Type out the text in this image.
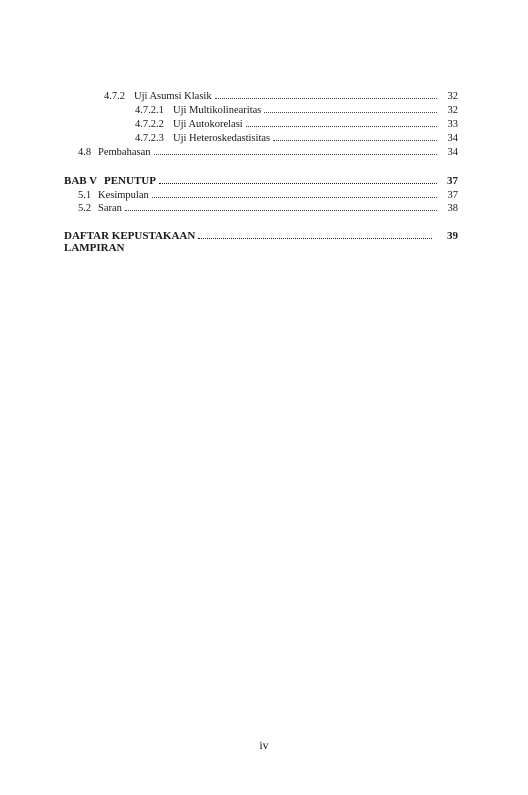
4.7.2 Uji Asumsi Klasik	32
4.7.2.1 Uji Multikolinearitas	32
4.7.2.2 Uji Autokorelasi	33
4.7.2.3 Uji Heteroskedastisitas	34
4.8 Pembahasan	34
BAB V PENUTUP	37
5.1 Kesimpulan	37
5.2 Saran	38
DAFTAR KEPUSTAKAAN	39
LAMPIRAN
iv
